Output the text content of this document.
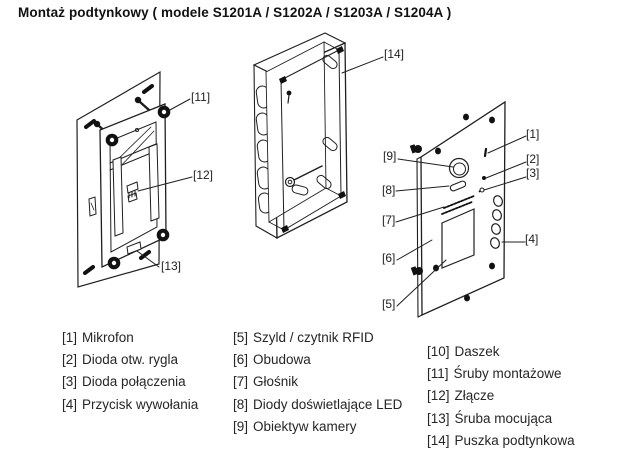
Montaż podtynkowy ( modele S1201A / S1202A / S1203A / S1204A )
[11]
[12]
[13]
[14]
[9]
[8]
[7]
[6]
[5]
[1]
[2]
[3]
[4]
[1] Mikrofon
[2] Dioda otw. rygla
[3] Dioda połączenia
[4] Przycisk wywołania
[5] Szyld / czytnik RFID
[6] Obudowa
[7] Głośnik
[8] Diody doświetlające LED
[9] Obiektyw kamery
[10] Daszek
[11] Śruby montażowe
[12] Złącze
[13] Śruba mocująca
[14] Puszka podtynkowa
